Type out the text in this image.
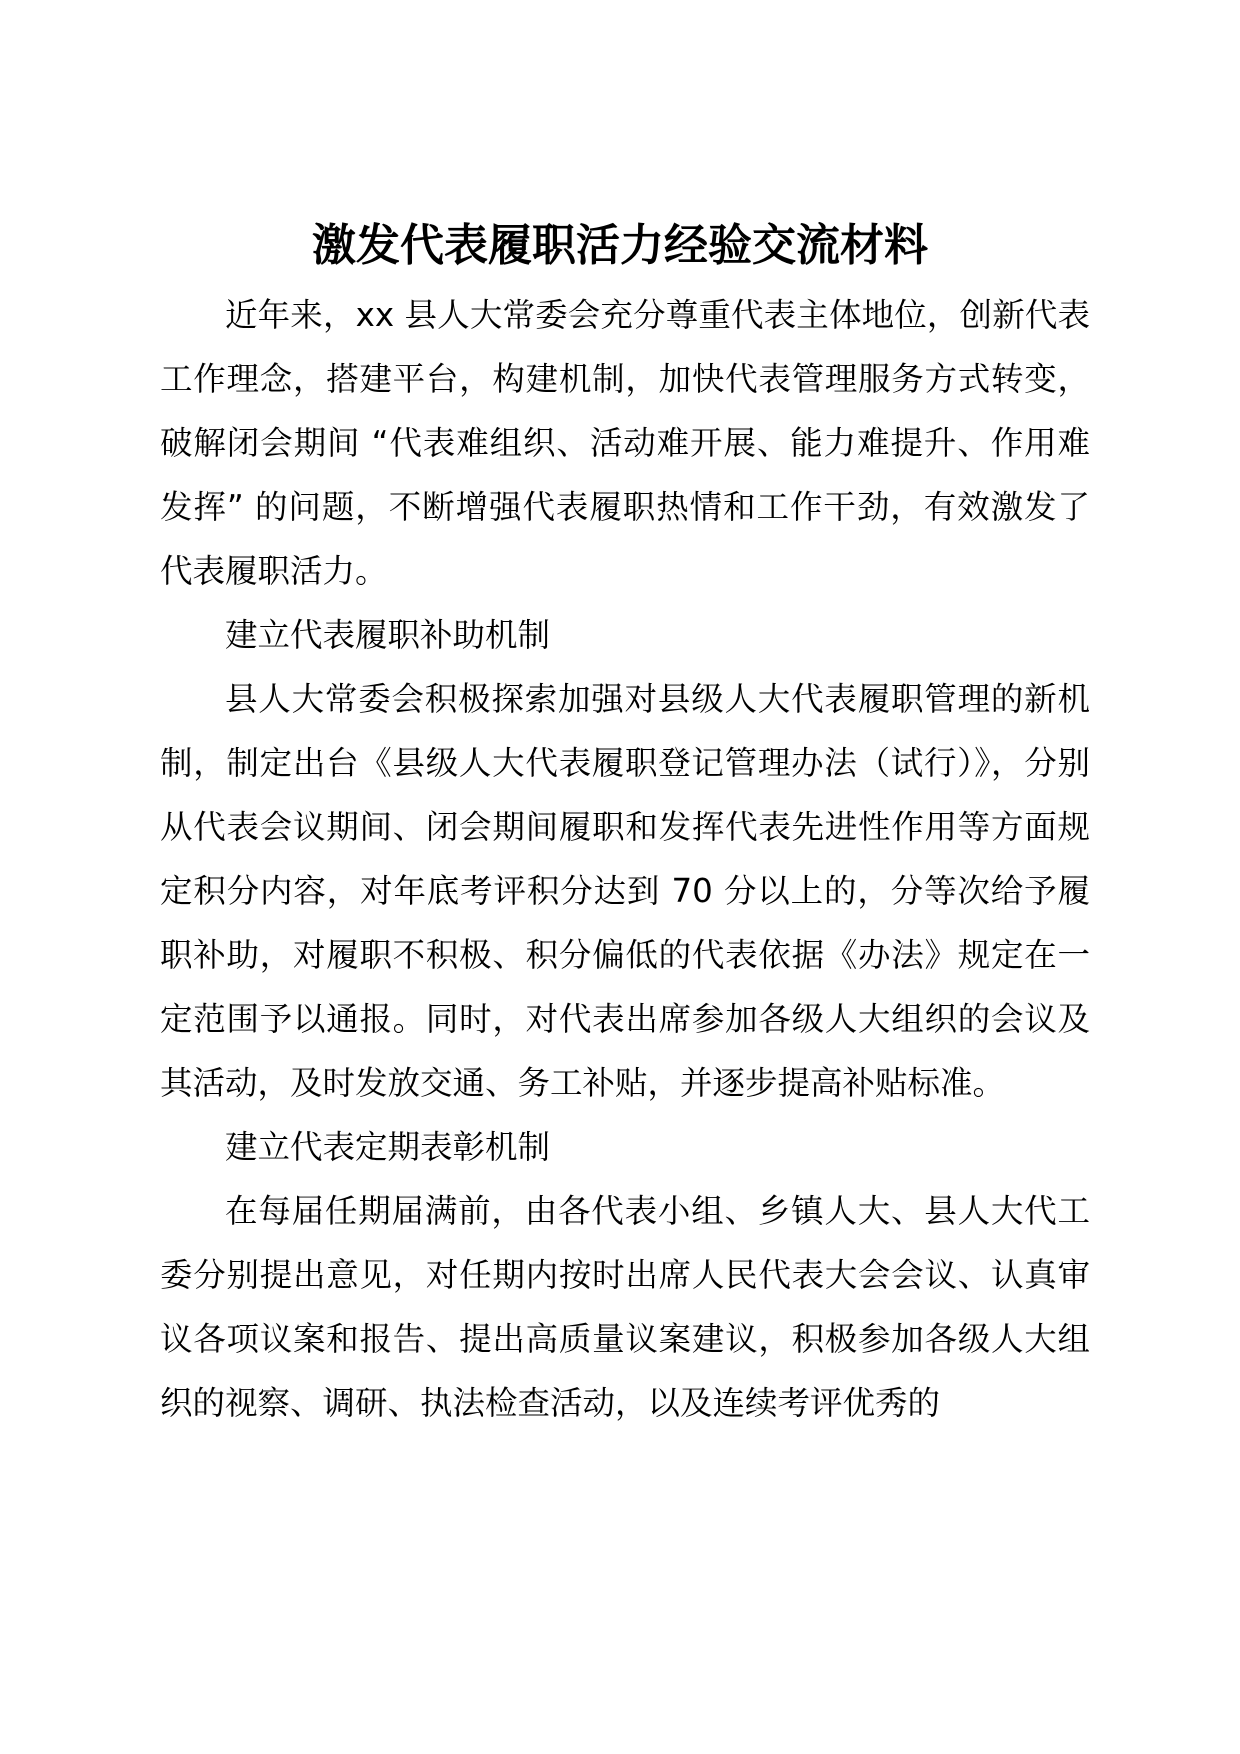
激发代表履职活力经验交流材料

近年来，xx 县人大常委会充分尊重代表主体地位，创新代表工作理念，搭建平台，构建机制，加快代表管理服务方式转变，破解闭会期间 “代表难组织、活动难开展、能力难提升、作用难发挥” 的问题，不断增强代表履职热情和工作干劲，有效激发了代表履职活力。

建立代表履职补助机制

县人大常委会积极探索加强对县级人大代表履职管理的新机制，制定出台《县级人大代表履职登记管理办法（试行）》，分别从代表会议期间、闭会期间履职和发挥代表先进性作用等方面规定积分内容，对年底考评积分达到 70 分以上的，分等次给予履职补助，对履职不积极、积分偏低的代表依据《办法》规定在一定范围予以通报。同时，对代表出席参加各级人大组织的会议及其活动，及时发放交通、务工补贴，并逐步提高补贴标准。

建立代表定期表彰机制

在每届任期届满前，由各代表小组、乡镇人大、县人大代工委分别提出意见，对任期内按时出席人民代表大会会议、认真审议各项议案和报告、提出高质量议案建议，积极参加各级人大组织的视察、调研、执法检查活动，以及连续考评优秀的
